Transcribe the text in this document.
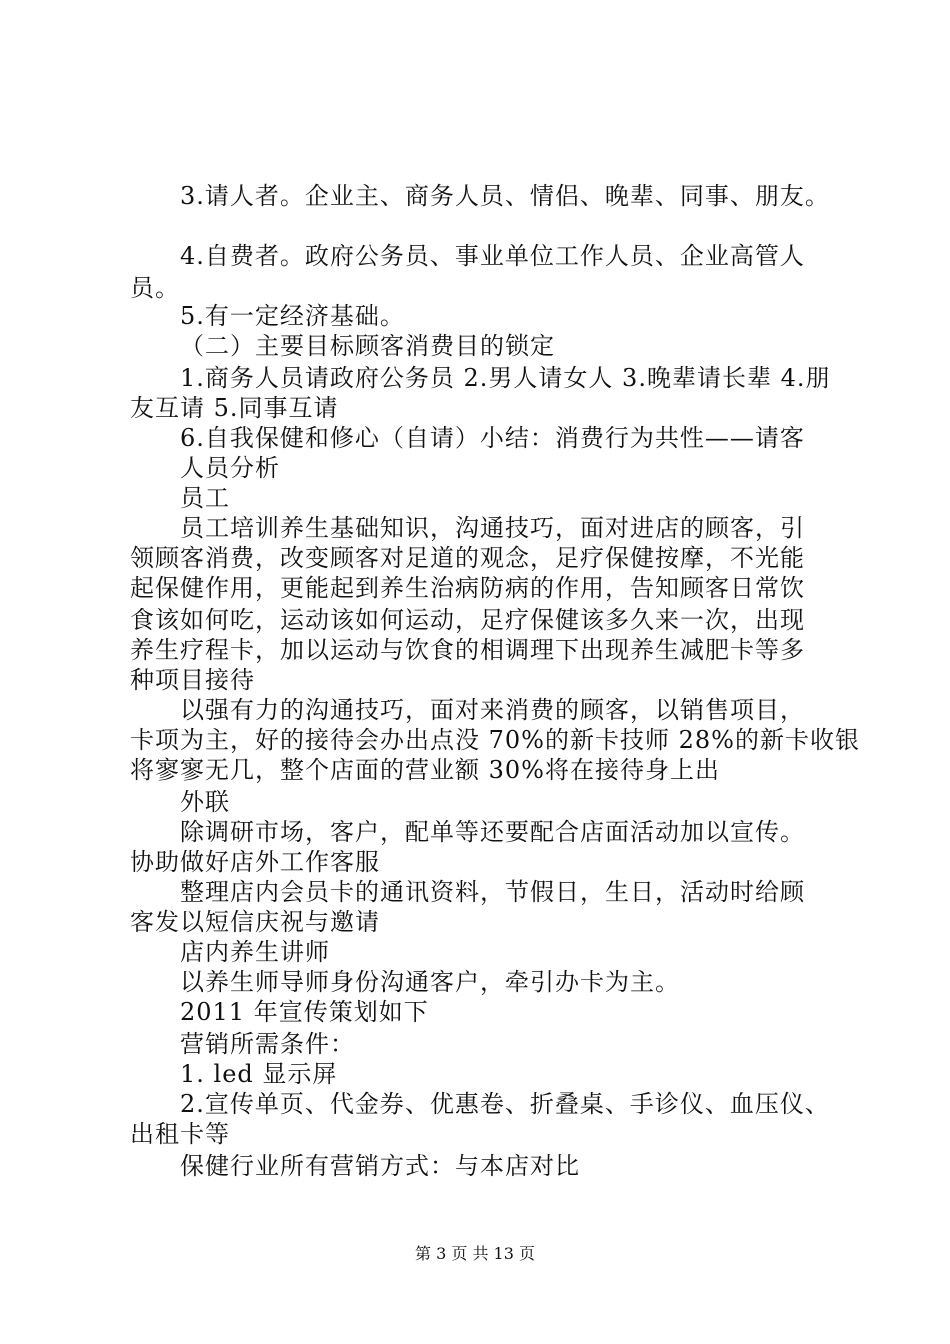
3.请人者。企业主、商务人员、情侣、晚辈、同事、朋友。
4.自费者。政府公务员、事业单位工作人员、企业高管人
员。
5.有一定经济基础。
（二）主要目标顾客消费目的锁定
1.商务人员请政府公务员 2.男人请女人 3.晚辈请长辈 4.朋
友互请 5.同事互请
6.自我保健和修心（自请）小结：消费行为共性——请客
人员分析
员工
员工培训养生基础知识，沟通技巧，面对进店的顾客，引
领顾客消费，改变顾客对足道的观念，足疗保健按摩，不光能
起保健作用，更能起到养生治病防病的作用，告知顾客日常饮
食该如何吃，运动该如何运动，足疗保健该多久来一次，出现
养生疗程卡，加以运动与饮食的相调理下出现养生减肥卡等多
种项目接待
以强有力的沟通技巧，面对来消费的顾客，以销售项目，
卡项为主，好的接待会办出点没 70%的新卡技师 28%的新卡收银
将寥寥无几，整个店面的营业额 30%将在接待身上出
外联
除调研市场，客户，配单等还要配合店面活动加以宣传。
协助做好店外工作客服
整理店内会员卡的通讯资料，节假日，生日，活动时给顾
客发以短信庆祝与邀请
店内养生讲师
以养生师导师身份沟通客户，牵引办卡为主。
2011 年宣传策划如下
营销所需条件：
1. led 显示屏
2.宣传单页、代金券、优惠卷、折叠桌、手诊仪、血压仪、
出租卡等
保健行业所有营销方式：与本店对比
第 3 页 共 13 页
